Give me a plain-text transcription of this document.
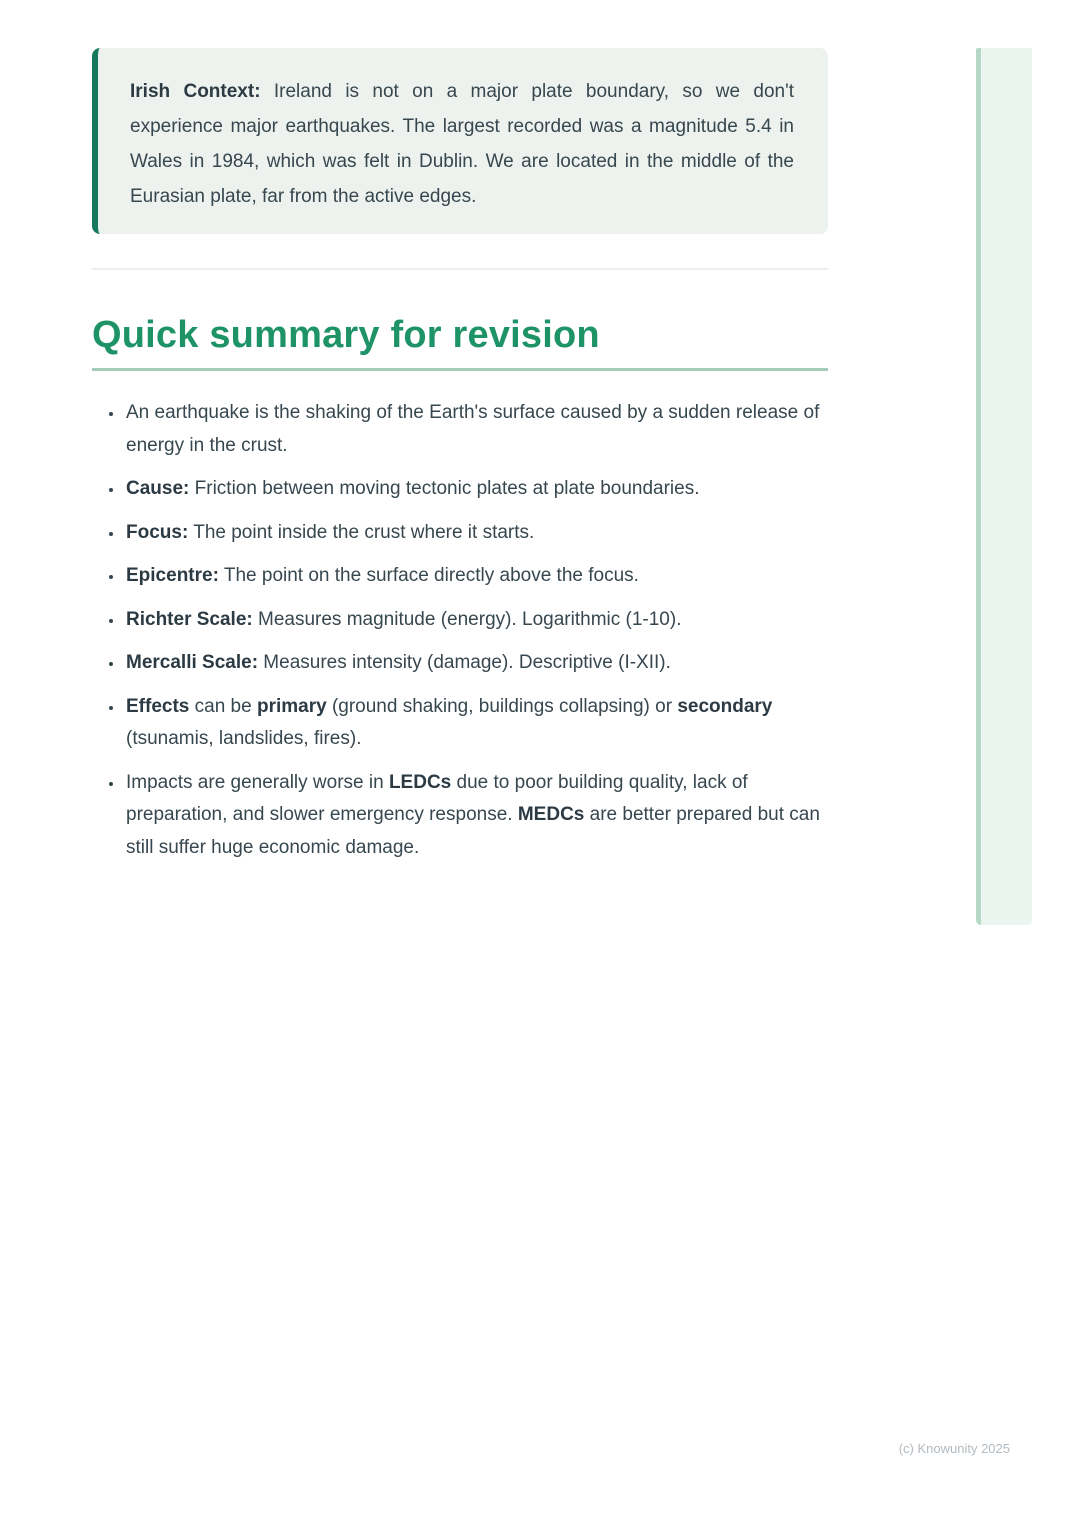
Irish Context: Ireland is not on a major plate boundary, so we don't experience major earthquakes. The largest recorded was a magnitude 5.4 in Wales in 1984, which was felt in Dublin. We are located in the middle of the Eurasian plate, far from the active edges.

Quick summary for revision
• An earthquake is the shaking of the Earth's surface caused by a sudden release of energy in the crust.
• Cause: Friction between moving tectonic plates at plate boundaries.
• Focus: The point inside the crust where it starts.
• Epicentre: The point on the surface directly above the focus.
• Richter Scale: Measures magnitude (energy). Logarithmic (1-10).
• Mercalli Scale: Measures intensity (damage). Descriptive (I-XII).
• Effects can be primary (ground shaking, buildings collapsing) or secondary (tsunamis, landslides, fires).
• Impacts are generally worse in LEDCs due to poor building quality, lack of preparation, and slower emergency response. MEDCs are better prepared but can still suffer huge economic damage.
(c) Knowunity 2025
